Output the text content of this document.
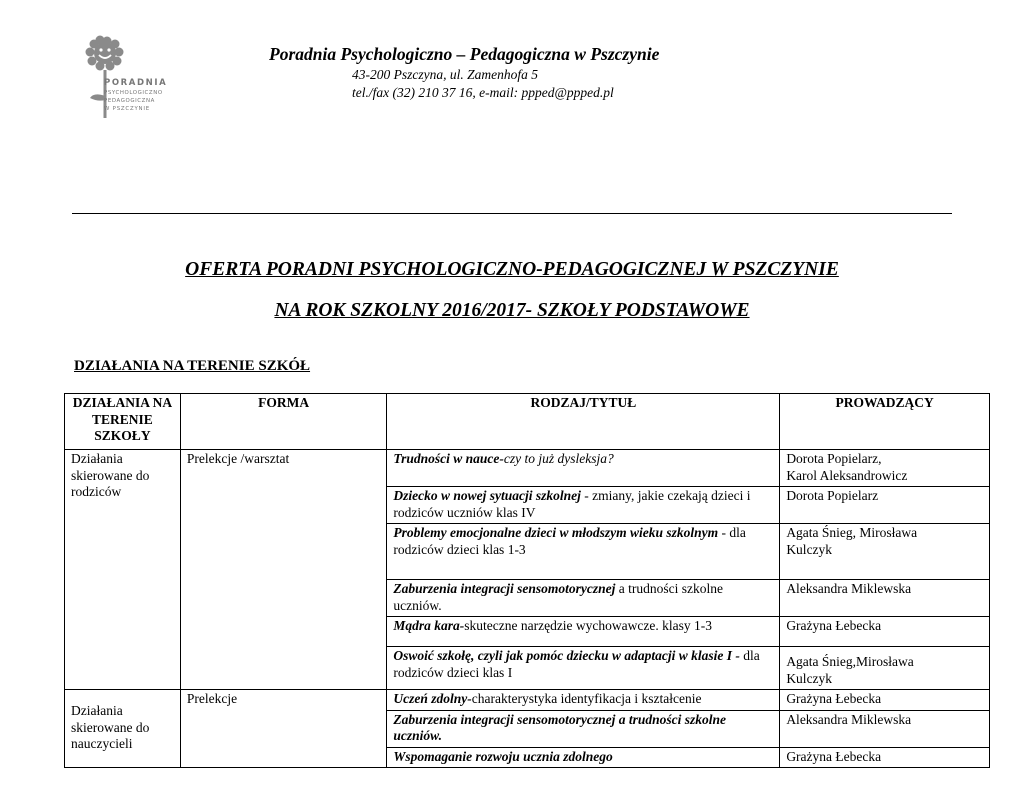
PORADNIA
PSYCHOLOGICZNO
PEDAGOGICZNA
W PSZCZYNIE
Poradnia Psychologiczno – Pedagogiczna w Pszczynie
43-200 Pszczyna, ul. Zamenhofa 5
tel./fax (32) 210 37 16, e-mail: ppped@ppped.pl
OFERTA PORADNI PSYCHOLOGICZNO-PEDAGOGICZNEJ W PSZCZYNIE
NA ROK SZKOLNY 2016/2017- SZKOŁY PODSTAWOWE
DZIAŁANIA NA TERENIE SZKÓŁ
DZIAŁANIA NA TERENIE SZKOŁY	FORMA	RODZAJ/TYTUŁ	PROWADZĄCY
Działania skierowane do rodziców	Prelekcje /warsztat	Trudności w nauce-czy to już dysleksja?	Dorota Popielarz,
Karol Aleksandrowicz

		Dziecko w nowej sytuacji szkolnej - zmiany, jakie czekają dzieci i rodziców uczniów klas IV	Dorota Popielarz

		Problemy emocjonalne dzieci w młodszym wieku szkolnym - dla rodziców dzieci klas 1-3	Agata Śnieg, Mirosława
Kulczyk

		Zaburzenia integracji sensomotorycznej a trudności szkolne uczniów.	Aleksandra Miklewska

		Mądra kara-skuteczne narzędzie wychowawcze. klasy 1-3	Grażyna Łebecka

		Oswoić szkołę, czyli jak pomóc dziecku w adaptacji w klasie I - dla rodziców dzieci klas I	Agata Śnieg,Mirosława
Kulczyk

Działania skierowane do nauczycieli	Prelekcje	Uczeń zdolny-charakterystyka identyfikacja i kształcenie	Grażyna Łebecka

		Zaburzenia integracji sensomotorycznej a trudności szkolne uczniów.	Aleksandra Miklewska

		Wspomaganie rozwoju ucznia zdolnego	Grażyna Łebecka
